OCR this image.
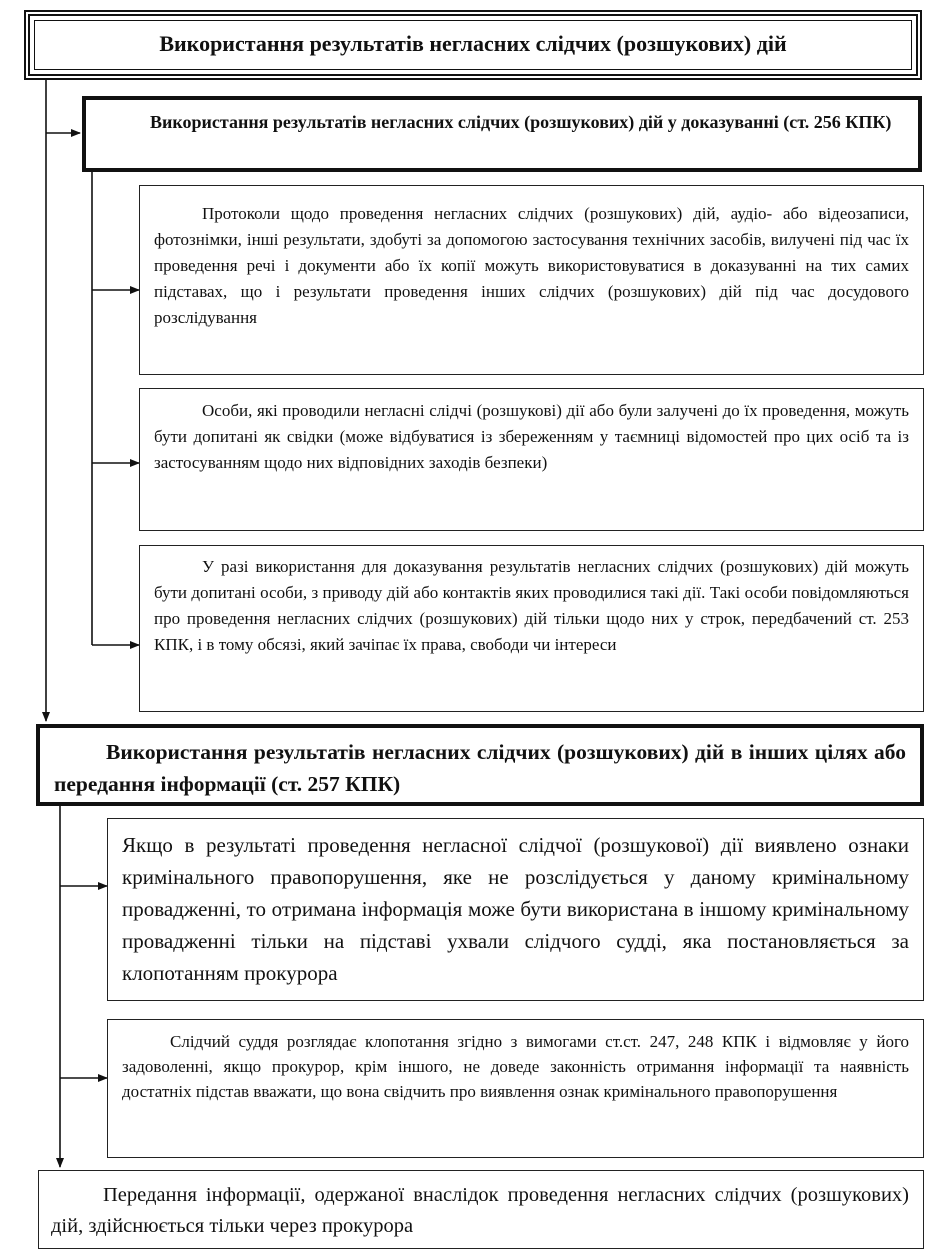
Використання результатів негласних слідчих (розшукових) дій

Використання результатів негласних слідчих (розшукових) дій у доказуванні (ст. 256 КПК)

Протоколи щодо проведення негласних слідчих (розшукових) дій, аудіо- або відеозаписи, фотознімки, інші результати, здобуті за допомогою застосування технічних засобів, вилучені під час їх проведення речі і документи або їх копії можуть використовуватися в доказуванні на тих самих підставах, що і результати проведення інших слідчих (розшукових) дій під час досудового розслідування

Особи, які проводили негласні слідчі (розшукові) дії або були залучені до їх проведення, можуть бути допитані як свідки (може відбуватися із збереженням у таємниці відомостей про цих осіб та із застосуванням щодо них відповідних заходів безпеки)

У разі використання для доказування результатів негласних слідчих (розшукових) дій можуть бути допитані особи, з приводу дій або контактів яких проводилися такі дії. Такі особи повідомляються про проведення негласних слідчих (розшукових) дій тільки щодо них у строк, передбачений ст. 253 КПК, і в тому обсязі, який зачіпає їх права, свободи чи інтереси

Використання результатів негласних слідчих (розшукових) дій в інших цілях або передання інформації (ст. 257 КПК)

Якщо в результаті проведення негласної слідчої (розшукової) дії виявлено ознаки кримінального правопорушення, яке не розслідується у даному кримінальному провадженні, то отримана інформація може бути використана в іншому кримінальному провадженні тільки на підставі ухвали слідчого судді, яка постановляється за клопотанням прокурора

Слідчий суддя розглядає клопотання згідно з вимогами ст.ст. 247, 248 КПК і відмовляє у його задоволенні, якщо прокурор, крім іншого, не доведе законність отримання інформації та наявність достатніх підстав вважати, що вона свідчить про виявлення ознак кримінального правопорушення

Передання інформації, одержаної внаслідок проведення негласних слідчих (розшукових) дій, здійснюється тільки через прокурора
